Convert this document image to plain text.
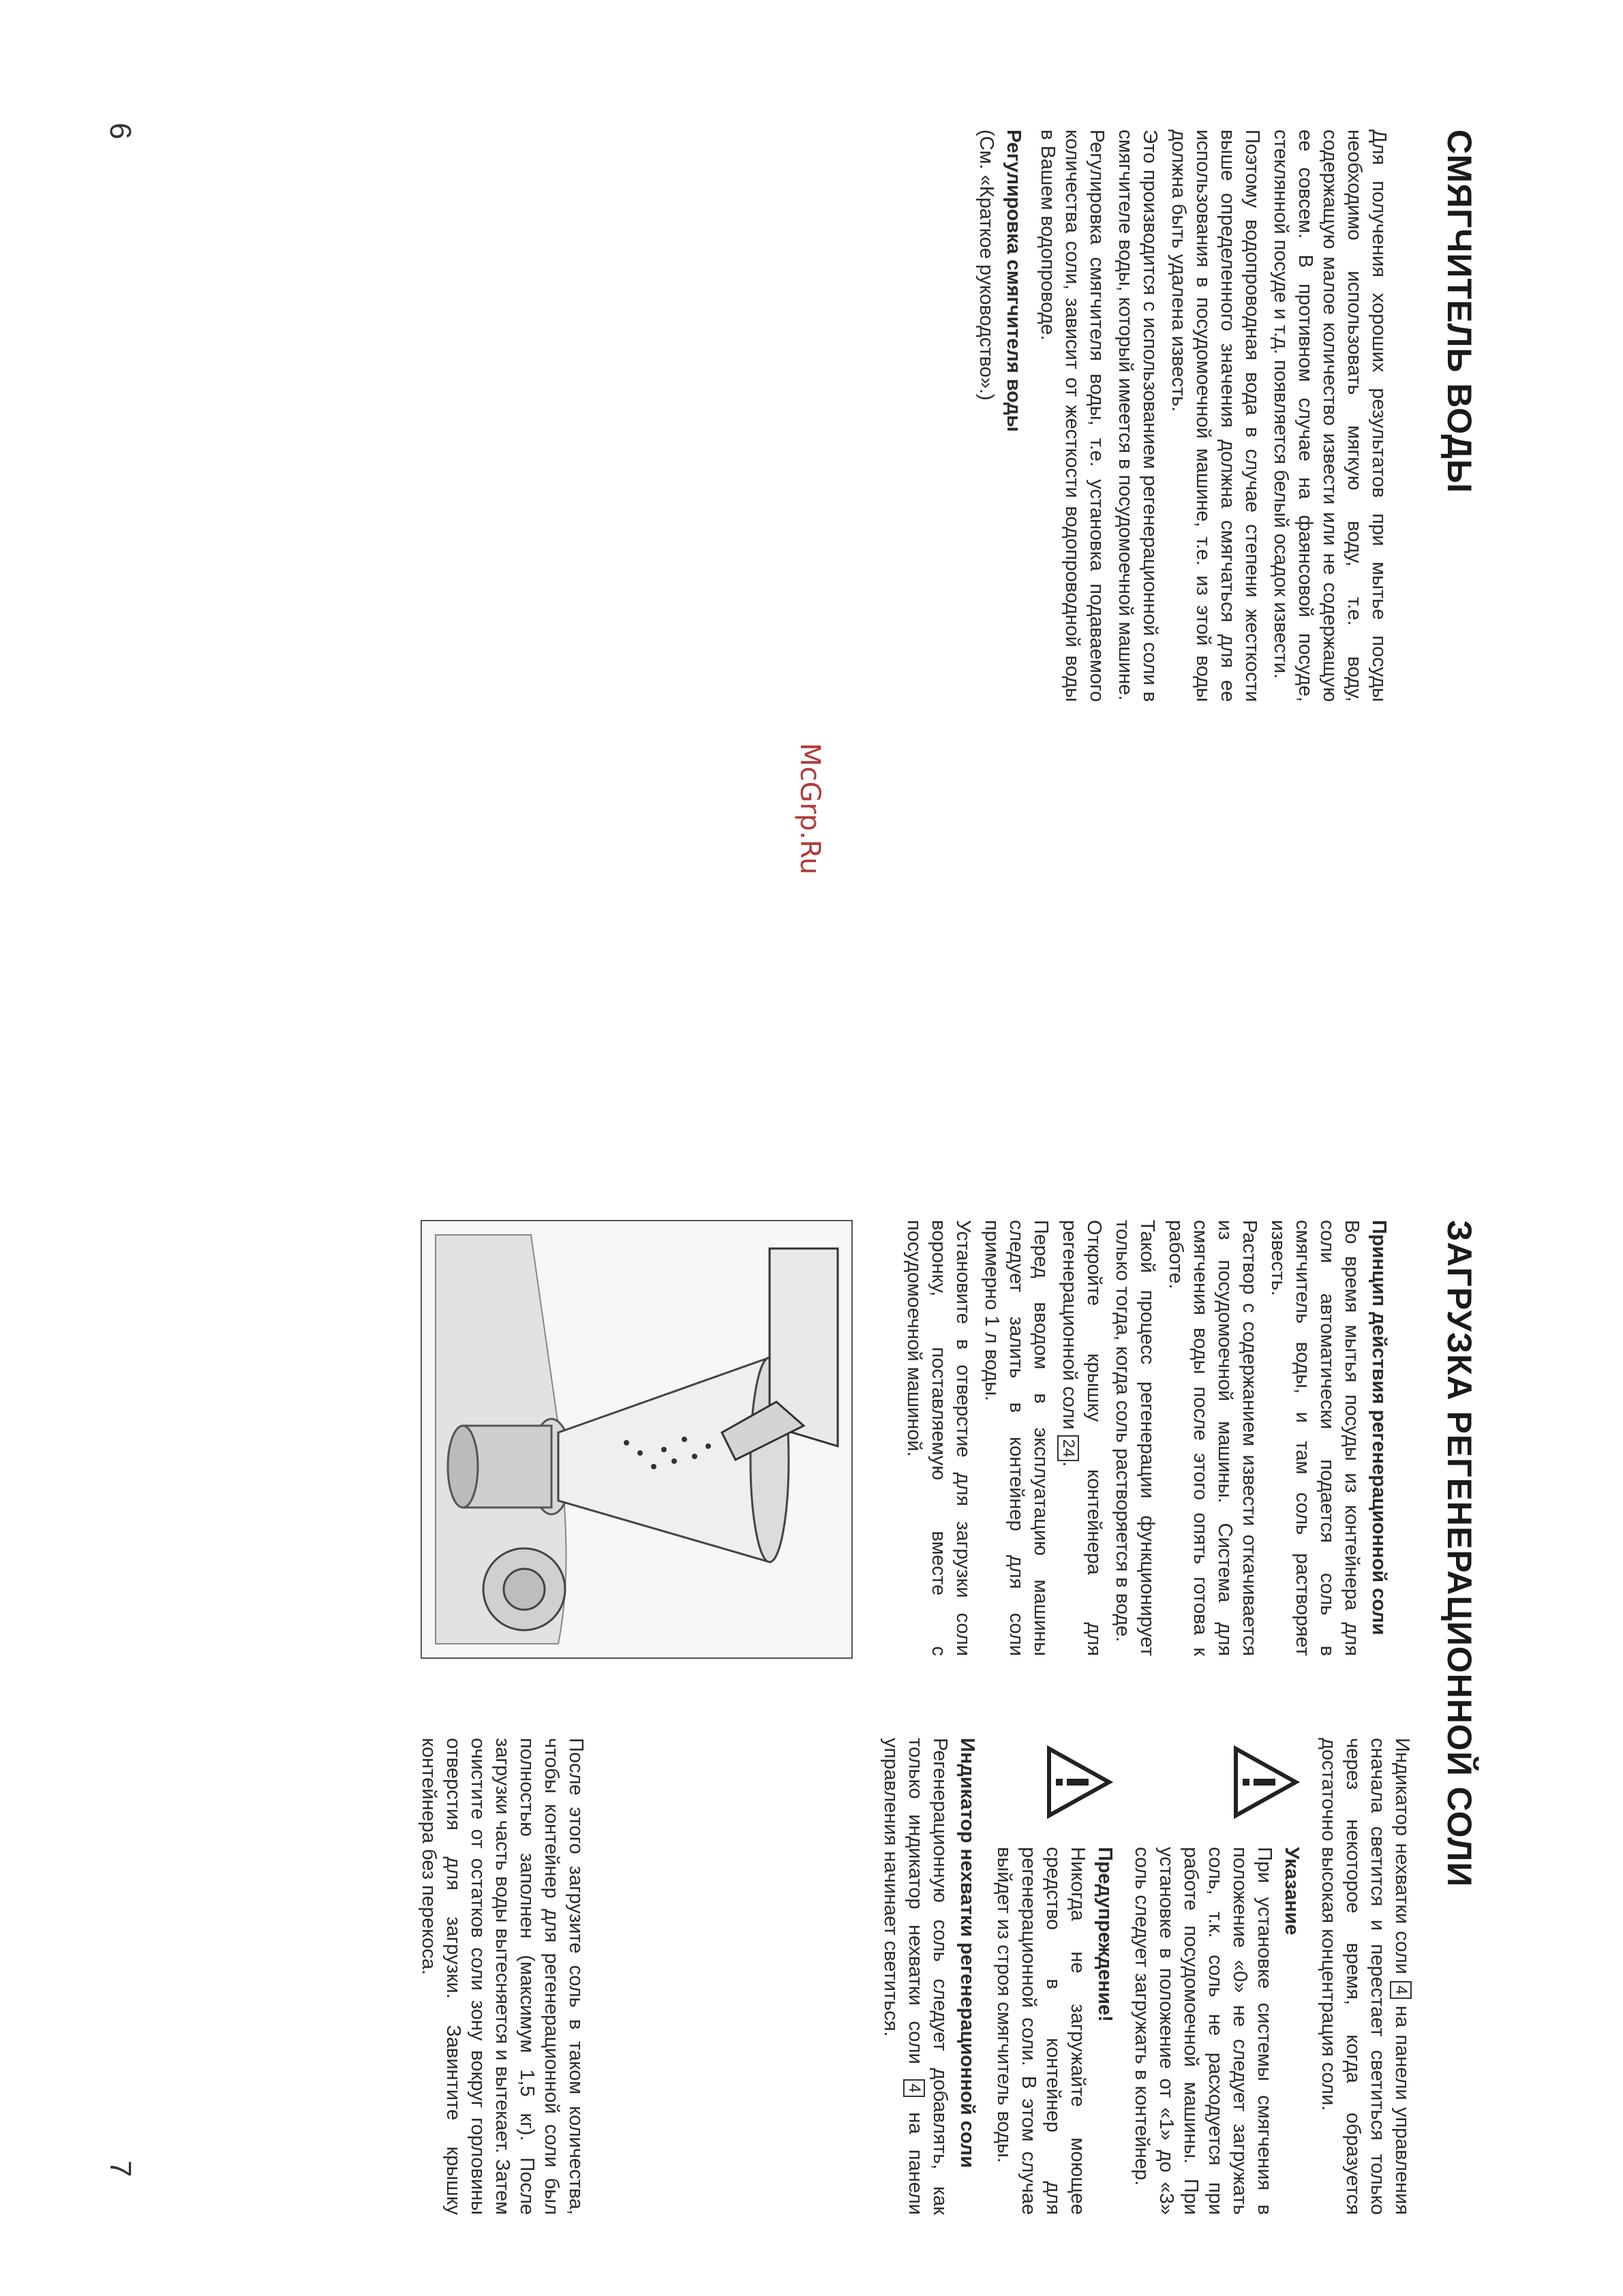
McGrp.Ru
СМЯГЧИТЕЛЬ ВОДЫ

Для получения хороших результатов при мытье посуды необходимо использовать мягкую воду, т.е. воду, содержащую малое количество извести или не содержащую ее совсем. В противном случае на фаянсовой посуде, стеклянной посуде и т.д. появляется белый осадок извести.

Поэтому водопроводная вода в случае степени жесткости выше определенного значения должна смягчаться для ее использования в посудомоечной машине, т.е. из этой воды должна быть удалена известь.

Это производится с использованием регенерационной соли в смягчителе воды, который имеется в посудомоечной машине.

Регулировка смягчителя воды, т.е. установка подаваемого количества соли, зависит от жесткости водопроводной воды в Вашем водопроводе.

Регулировка смягчителя воды

(См. «Краткое руководство».)

6
ЗАГРУЗКА РЕГЕНЕРАЦИОННОЙ СОЛИ
Принцип действия регенерационной соли

Во время мытья посуды из контейнера для соли автоматически подается соль в смягчитель воды, и там соль растворяет известь.

Раствор с содержанием извести откачивается из посудомоечной машины. Система для смягчения воды после этого опять готова к работе.

Такой процесс регенерации функционирует только тогда, когда соль растворяется в воде.

Откройте крышку контейнера для регенерационной соли 24.

Перед вводом в эксплуатацию машины следует залить в контейнер для соли примерно 1 л воды.

Установите в отверстие для загрузки соли воронку, поставляемую вместе с посудомоечной машиной.

Индикатор нехватки соли 4 на панели управления сначала светится и перестает светиться только через некоторое время, когда образуется достаточно высокая концентрация соли.

Указание
При установке системы смягчения в положение «0» не следует загружать соль, т.к. соль не расходуется при работе посудомоечной машины. При установке в положение от «1» до «3» соль следует загружать в контейнер.
Предупреждение!
Никогда не загружайте моющее средство в контейнер для регенерационной соли. В этом случае выйдет из строя смягчитель воды.
Индикатор нехватки регенерационной соли

Регенерационную соль следует добавлять, как только индикатор нехватки соли 4 на панели управления начинает светиться.

После этого загрузите соль в таком количества, чтобы контейнер для регенерационной соли был полностью заполнен (максимум 1,5 кг). После загрузки часть воды вытесняется и вытекает. Затем очистите от остатков соли зону вокруг горловины отверстия для загрузки. Завинтите крышку контейнера без перекоса.

7
